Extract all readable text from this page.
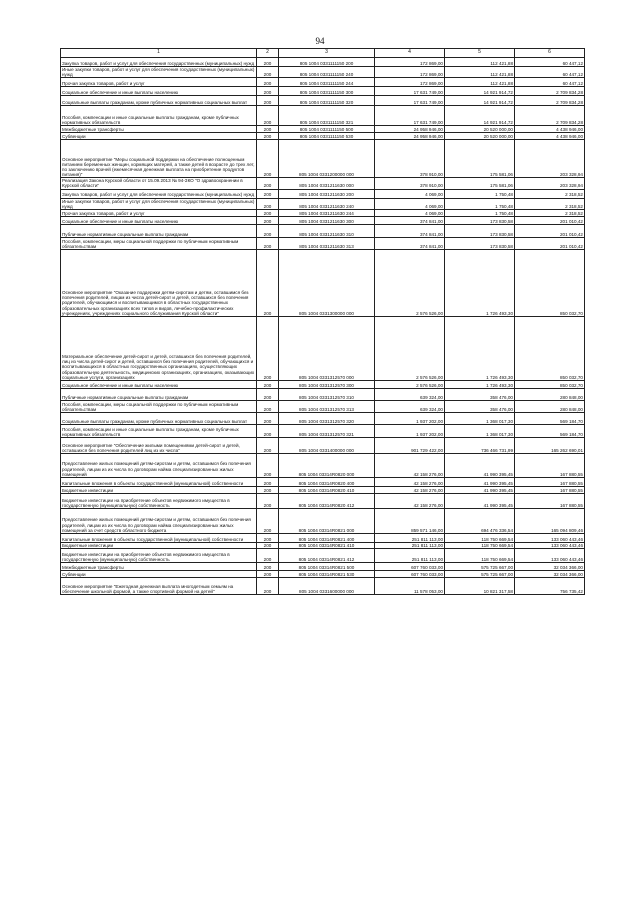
94
1	2	3	4	5	6
Закупка товаров, работ и услуг для обеспечения государственных (муниципальных) нужд	200	805 1004 0331111150 200	172 869,00	112 421,88	60 447,12
Иные закупки товаров, работ и услуг для обеспечения государственных (муниципальных) нужд	200	805 1004 0331111150 240	172 869,00	112 421,88	60 447,12
Прочая закупка товаров, работ и услуг	200	805 1004 0331111150 244	172 869,00	112 421,88	60 447,12
Социальное обеспечение и иные выплаты населению	200	805 1004 0331111150 300	17 631 749,00	14 921 914,72	2 709 834,28
Социальные выплаты гражданам, кроме публичных нормативных социальных выплат	200	805 1004 0331111150 320	17 631 749,00	14 921 914,72	2 709 834,28
Пособия, компенсации и иные социальные выплаты гражданам, кроме публичных нормативных обязательств	200	805 1004 0331111150 321	17 631 749,00	14 921 914,72	2 709 834,28
Межбюджетные трансферты	200	805 1004 0331111150 500	24 958 946,00	20 520 000,00	4 438 946,00
Субвенции	200	805 1004 0331111150 530	24 958 946,00	20 520 000,00	4 438 946,00
Основное мероприятие "Меры социальной поддержки на обеспечение полноценным питанием беременных женщин, кормящих матерей, а также детей в возрасте до трех лет, по заключению врачей (ежемесячная денежная выплата на приобретение продуктов питания)"	200	805 1004 0331200000 000	378 910,00	175 581,06	203 328,94
Реализация Закона Курской области от 15.09.2013 № 94-ЗКО "О здравоохранении в Курской области"	200	805 1004 0331211630 000	378 910,00	175 581,06	203 328,94
Закупка товаров, работ и услуг для обеспечения государственных (муниципальных) нужд	200	805 1004 0331211630 200	4 069,00	1 750,48	2 318,52
Иные закупки товаров, работ и услуг для обеспечения государственных (муниципальных) нужд	200	805 1004 0331211630 240	4 069,00	1 750,48	2 318,52
Прочая закупка товаров, работ и услуг	200	805 1004 0331211630 244	4 069,00	1 750,48	2 318,52
Социальное обеспечение и иные выплаты населению	200	805 1004 0331211630 300	374 841,00	173 830,58	201 010,42
Публичные нормативные социальные выплаты гражданам	200	805 1004 0331211630 310	374 841,00	173 830,58	201 010,42
Пособия, компенсации, меры социальной поддержки по публичным нормативным обязательствам	200	805 1004 0331211630 313	374 841,00	173 830,58	201 010,42
Основное мероприятие "Оказание поддержки детям-сиротам и детям, оставшимся без попечения родителей, лицам из числа детей-сирот и детей, оставшихся без попечения родителей, обучающимся и воспитывающимся в областных государственных образовательных организациях всех типов и видов, лечебно-профилактических учреждениях, учреждениях социального обслуживания Курской области"	200	805 1004 0331300000 000	2 576 526,00	1 726 493,30	850 032,70
Материальное обеспечение детей-сирот и детей, оставшихся без попечения родителей, лиц из числа детей-сирот и детей, оставшихся без попечения родителей, обучающихся и воспитывающихся в областных государственных организациях, осуществляющих образовательную деятельность, медицинских организациях, организациях, оказывающих социальные услуги, организациях	200	805 1004 0331312570 000	2 576 526,00	1 726 493,30	850 032,70
Социальное обеспечение и иные выплаты населению	200	805 1004 0331312570 300	2 576 526,00	1 726 493,30	850 032,70
Публичные нормативные социальные выплаты гражданам	200	805 1004 0331312570 310	639 324,00	358 476,00	280 848,00
Пособия, компенсации, меры социальной поддержки по публичным нормативным обязательствам	200	805 1004 0331312570 313	639 324,00	358 476,00	280 848,00
Социальные выплаты гражданам, кроме публичных нормативных социальных выплат	200	805 1004 0331312570 320	1 937 202,00	1 368 017,30	569 184,70
Пособия, компенсации и иные социальные выплаты гражданам, кроме публичных нормативных обязательств	200	805 1004 0331312570 321	1 937 202,00	1 368 017,30	569 184,70
Основное мероприятие "Обеспечение жилыми помещениями детей-сирот и детей, оставшихся без попечения родителей лиц из их числа"	200	805 1004 0331400000 000	901 729 422,00	736 466 731,99	165 262 690,01
Предоставление жилых помещений детям-сиротам и детям, оставшимся без попечения родителей, лицам из их числа по договорам найма специализированных жилых помещений	200	805 1004 03314R0820 000	42 158 276,00	41 990 395,45	167 880,55
Капитальные вложения в объекты государственной (муниципальной) собственности	200	805 1004 03314R0820 400	42 158 276,00	41 990 395,45	167 880,55
Бюджетные инвестиции	200	805 1004 03314R0820 410	42 158 276,00	41 990 395,45	167 880,55
Бюджетные инвестиции на приобретение объектов недвижимого имущества в государственную (муниципальную) собственность	200	805 1004 03314R0820 412	42 158 276,00	41 990 395,45	167 880,55
Предоставление жилых помещений детям-сиротам и детям, оставшимся без попечения родителей, лицам из их числа по договорам найма специализированных жилых помещений за счет средств областного бюджета	200	805 1004 03314R0821 000	859 571 146,00	694 476 336,54	165 094 809,46
Капитальные вложения в объекты государственной (муниципальной) собственности	200	805 1004 03314R0821 400	251 811 113,00	118 750 669,54	133 060 443,46
Бюджетные инвестиции	200	805 1004 03314R0821 410	251 811 113,00	118 750 669,54	133 060 443,46
Бюджетные инвестиции на приобретение объектов недвижимого имущества в государственную (муниципальную) собственность	200	805 1004 03314R0821 412	251 811 113,00	118 750 669,54	133 060 443,46
Межбюджетные трансферты	200	805 1004 03314R0821 500	607 760 033,00	575 725 667,00	32 034 366,00
Субвенции	200	805 1004 03314R0821 530	607 760 033,00	575 725 667,00	32 034 366,00
Основное мероприятие "Ежегодная денежная выплата многодетным семьям на обеспечение школьной формой, а также спортивной формой на детей"	200	805 1004 0331600000 000	11 578 053,00	10 821 317,58	756 735,42
